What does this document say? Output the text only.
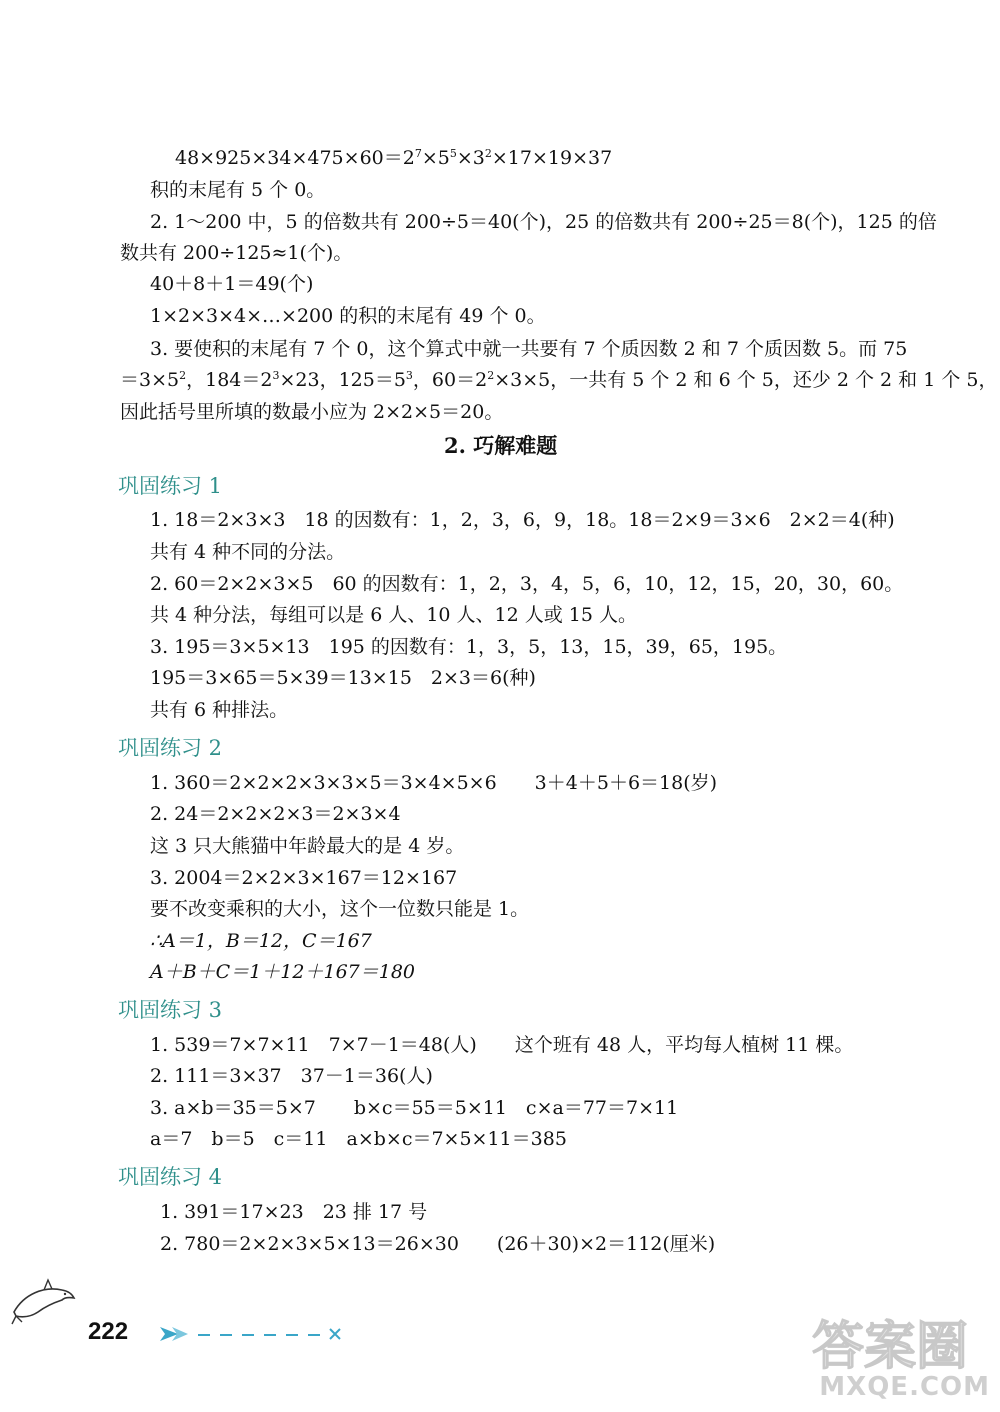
$48\times 925\times 34\times 475\times 60=2^7\times 5^5\times 3^2\times 17\times 19\times 37$
积的末尾有 5 个 0。
2. 1～200 中，5 的倍数共有 200÷5＝40(个)，25 的倍数共有 200÷25＝8(个)，125 的倍
数共有 200÷125≈1(个)。
40＋8＋1＝49(个)
1×2×3×4×…×200 的积的末尾有 49 个 0。
3. 要使积的末尾有 7 个 0，这个算式中就一共要有 7 个质因数 2 和 7 个质因数 5。而 75
$=3\times 5^2$，$184=2^3\times 23$，$125=5^3$，$60=2^2\times 3\times 5$，一共有 5 个 2 和 6 个 5，还少 2 个 2 和 1 个 5，
因此括号里所填的数最小应为 2×2×5＝20。
2. 巧解难题
巩固练习 1
1. 18＝2×3×3　18 的因数有：1，2，3，6，9，18。18＝2×9＝3×6　2×2＝4(种)
共有 4 种不同的分法。
2. 60＝2×2×3×5　60 的因数有：1，2，3，4，5，6，10，12，15，20，30，60。
共 4 种分法，每组可以是 6 人、10 人、12 人或 15 人。
3. 195＝3×5×13　195 的因数有：1，3，5，13，15，39，65，195。
195＝3×65＝5×39＝13×15　2×3＝6(种)
共有 6 种排法。
巩固练习 2
1. 360＝2×2×2×3×3×5＝3×4×5×6　　3＋4＋5＋6＝18(岁)
2. 24＝2×2×2×3＝2×3×4
这 3 只大熊猫中年龄最大的是 4 岁。
3. 2004＝2×2×3×167＝12×167
要不改变乘积的大小，这个一位数只能是 1。
∴A＝1，B＝12，C＝167
A＋B＋C＝1＋12＋167＝180
巩固练习 3
1. 539＝7×7×11　7×7－1＝48(人)　　这个班有 48 人，平均每人植树 11 棵。
2. 111＝3×37　37－1＝36(人)
3. a×b＝35＝5×7　　b×c＝55＝5×11　c×a＝77＝7×11
a＝7　b＝5　c＝11　a×b×c＝7×5×11＝385
巩固练习 4
1. 391＝17×23　23 排 17 号
2. 780＝2×2×3×5×13＝26×30　　(26＋30)×2＝112(厘米)
222	答案圈
MXQE.COM
